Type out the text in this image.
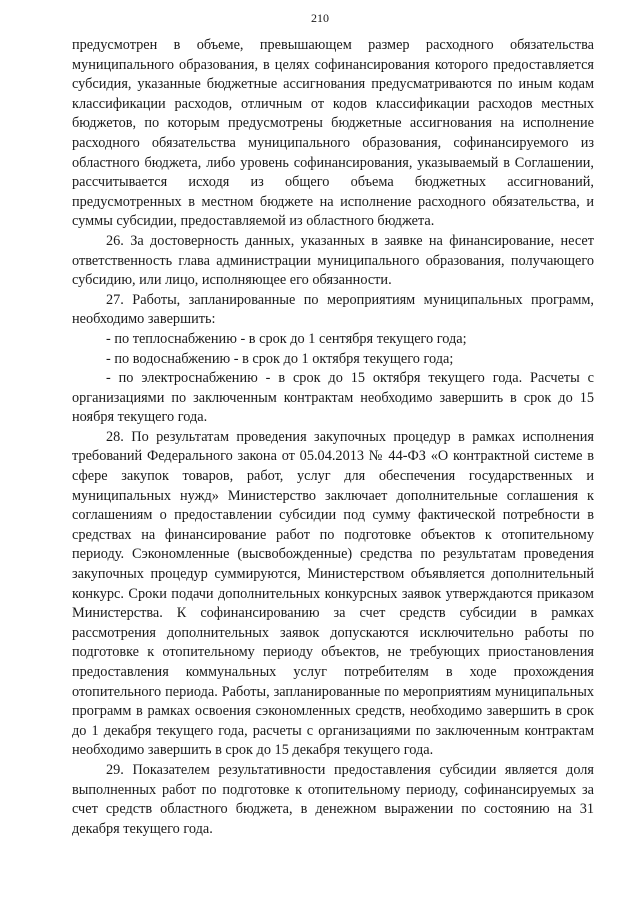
210

предусмотрен в объеме, превышающем размер расходного обязательства муниципального образования, в целях софинансирования которого предоставляется субсидия, указанные бюджетные ассигнования предусматриваются по иным кодам классификации расходов, отличным от кодов классификации расходов местных бюджетов, по которым предусмотрены бюджетные ассигнования на исполнение расходного обязательства муниципального образования, софинансируемого из областного бюджета, либо уровень софинансирования, указываемый в Соглашении, рассчитывается исходя из общего объема бюджетных ассигнований, предусмотренных в местном бюджете на исполнение расходного обязательства, и суммы субсидии, предоставляемой из областного бюджета.

26. За достоверность данных, указанных в заявке на финансирование, несет ответственность глава администрации муниципального образования, получающего субсидию, или лицо, исполняющее его обязанности.

27. Работы, запланированные по мероприятиям муниципальных программ, необходимо завершить:

- по теплоснабжению - в срок до 1 сентября текущего года;

- по водоснабжению - в срок до 1 октября текущего года;

- по электроснабжению - в срок до 15 октября текущего года. Расчеты с организациями по заключенным контрактам необходимо завершить в срок до 15 ноября текущего года.

28. По результатам проведения закупочных процедур в рамках исполнения требований Федерального закона от 05.04.2013 № 44-ФЗ «О контрактной системе в сфере закупок товаров, работ, услуг для обеспечения государственных и муниципальных нужд» Министерство заключает дополнительные соглашения к соглашениям о предоставлении субсидии под сумму фактической потребности в средствах на финансирование работ по подготовке объектов к отопительному периоду. Сэкономленные (высвобожденные) средства по результатам проведения закупочных процедур суммируются, Министерством объявляется дополнительный конкурс. Сроки подачи дополнительных конкурсных заявок утверждаются приказом Министерства. К софинансированию за счет средств субсидии в рамках рассмотрения дополнительных заявок допускаются исключительно работы по подготовке к отопительному периоду объектов, не требующих приостановления предоставления коммунальных услуг потребителям в ходе прохождения отопительного периода. Работы, запланированные по мероприятиям муниципальных программ в рамках освоения сэкономленных средств, необходимо завершить в срок до 1 декабря текущего года, расчеты с организациями по заключенным контрактам необходимо завершить в срок до 15 декабря текущего года.

29. Показателем результативности предоставления субсидии является доля выполненных работ по подготовке к отопительному периоду, софинансируемых за счет средств областного бюджета, в денежном выражении по состоянию на 31 декабря текущего года.
